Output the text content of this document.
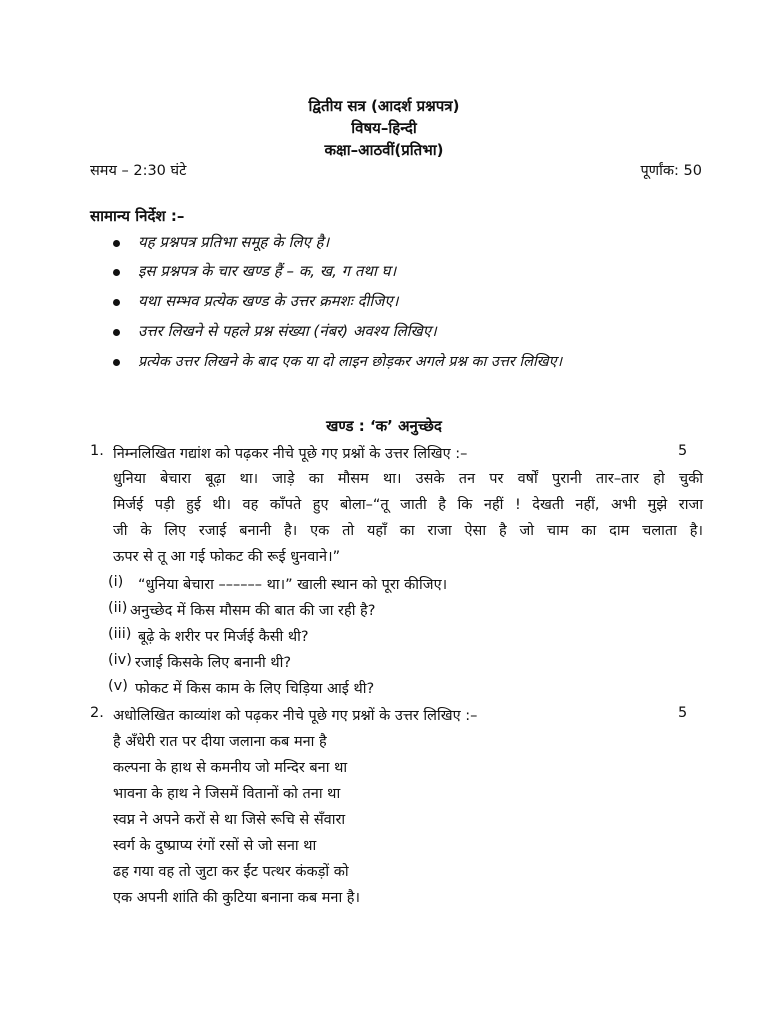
द्वितीय सत्र (आदर्श प्रश्नपत्र)
विषय–हिन्दी
कक्षा–आठवीं(प्रतिभा)
समय – 2:30 घंटे	पूर्णांक: 50
सामान्य निर्देश :–
यह प्रश्नपत्र प्रतिभा समूह के लिए है।
इस प्रश्नपत्र के चार खण्ड हैं – क, ख, ग तथा घ।
यथा सम्भव प्रत्येक खण्ड के उत्तर क्रमशः दीजिए।
उत्तर लिखने से पहले प्रश्न संख्या (नंबर) अवश्य लिखिए।
प्रत्येक उत्तर लिखने के बाद एक या दो लाइन छोड़कर अगले प्रश्न का उत्तर लिखिए।
खण्ड : ‘क’ अनुच्छेद
1. निम्नलिखित गद्यांश को पढ़कर नीचे पूछे गए प्रश्नों के उत्तर लिखिए :–	5
धुनिया बेचारा बूढ़ा था। जाड़े का मौसम था। उसके तन पर वर्षों पुरानी तार–तार हो चुकी
मिर्जई पड़ी हुई थी। वह काँपते हुए बोला–“तू जाती है कि नहीं ! देखती नहीं, अभी मुझे राजा
जी के लिए रजाई बनानी है। एक तो यहाँ का राजा ऐसा है जो चाम का दाम चलाता है।
ऊपर से तू आ गई फोकट की रूई धुनवाने।”
(i) “धुनिया बेचारा –––––– था।” खाली स्थान को पूरा कीजिए।
(ii) अनुच्छेद में किस मौसम की बात की जा रही है?
(iii) बूढ़े के शरीर पर मिर्जई कैसी थी?
(iv) रजाई किसके लिए बनानी थी?
(v) फोकट में किस काम के लिए चिड़िया आई थी?
2. अधोलिखित काव्यांश को पढ़कर नीचे पूछे गए प्रश्नों के उत्तर लिखिए :–	5
है अँधेरी रात पर दीया जलाना कब मना है
कल्पना के हाथ से कमनीय जो मन्दिर बना था
भावना के हाथ ने जिसमें वितानों को तना था
स्वप्न ने अपने करों से था जिसे रूचि से सँवारा
स्वर्ग के दुष्प्राप्य रंगों रसों से जो सना था
ढह गया वह तो जुटा कर ईंट पत्थर कंकड़ों को
एक अपनी शांति की कुटिया बनाना कब मना है।
